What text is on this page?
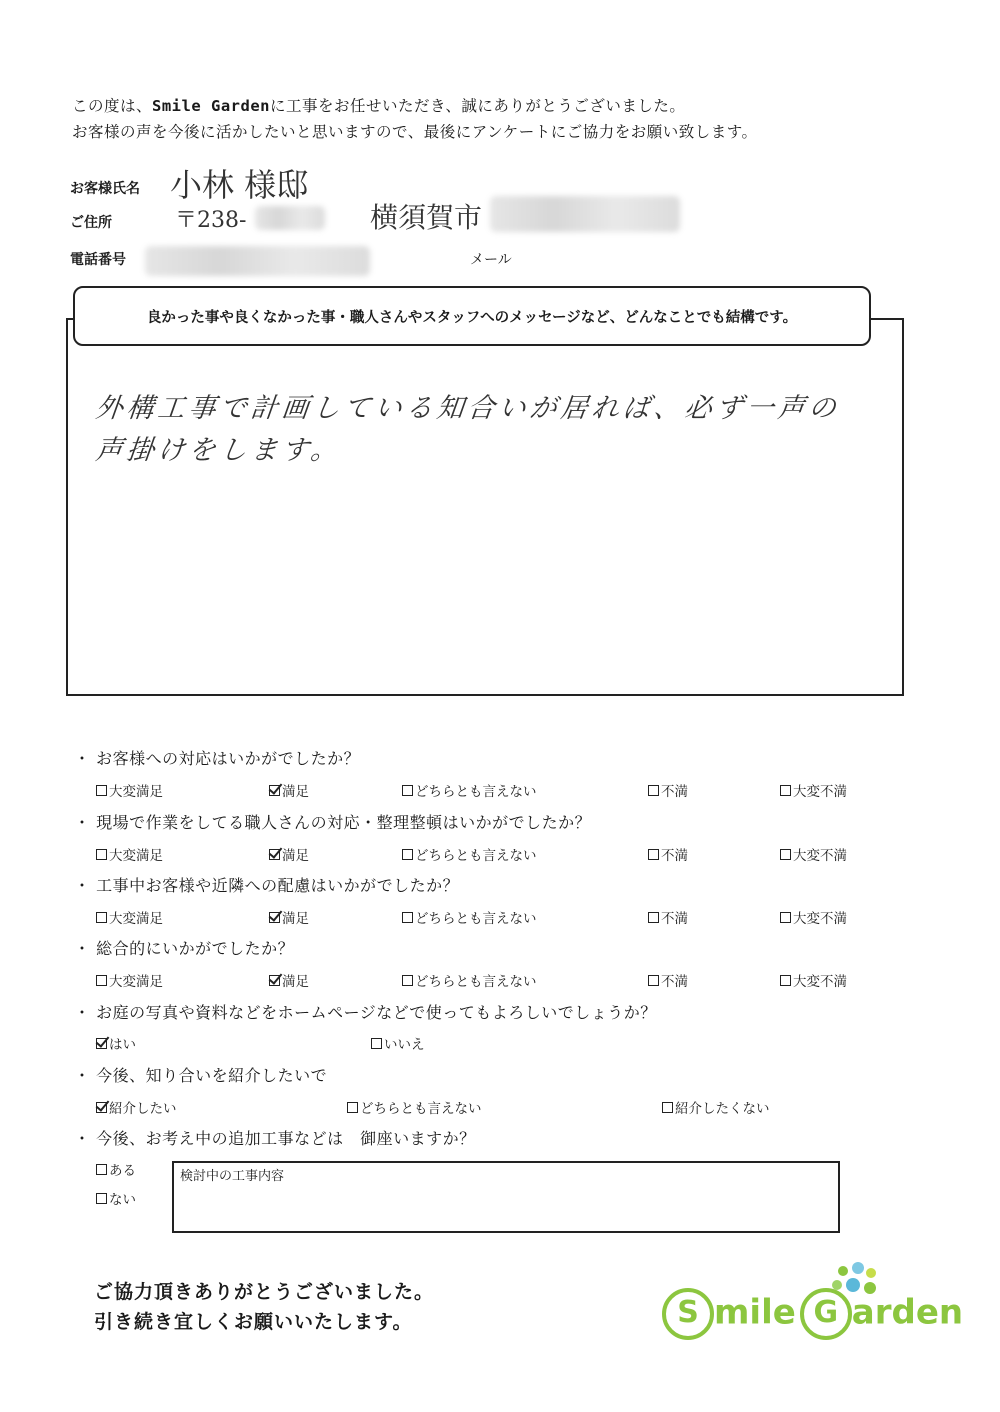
この度は、Smile Gardenに工事をお任せいただき、誠にありがとうございました。
お客様の声を今後に活かしたいと思いますので、最後にアンケートにご協力をお願い致します。
お客様氏名 小林 様邸
ご住所	〒238-	横須賀市
電話番号	メール
良かった事や良くなかった事・職人さんやスタッフへのメッセージなど、どんなことでも結構です。
外構工事で計画している知合いが居れば、必ず一声の
声掛けをします。
・ お客様への対応はいかがでしたか？
・ 現場で作業をしてる職人さんの対応・整理整頓はいかがでしたか？
・ 工事中お客様や近隣への配慮はいかがでしたか？
・ 総合的にいかがでしたか？
・ お庭の写真や資料などをホームページなどで使ってもよろしいでしょうか？
・ 今後、知り合いを紹介したいで
・ 今後、お考え中の追加工事などは　御座いますか？
大変満足	満足	どちらとも言えない	不満	大変不満
大変満足	満足	どちらとも言えない	不満	大変不満
大変満足	満足	どちらとも言えない	不満	大変不満
大変満足	満足	どちらとも言えない	不満	大変不満
はい	いいえ
紹介したい	どちらとも言えない	紹介したくない
ある
ない
検討中の工事内容
ご協力頂きありがとうございました。
引き続き宜しくお願いいたします。	S mile G arden
